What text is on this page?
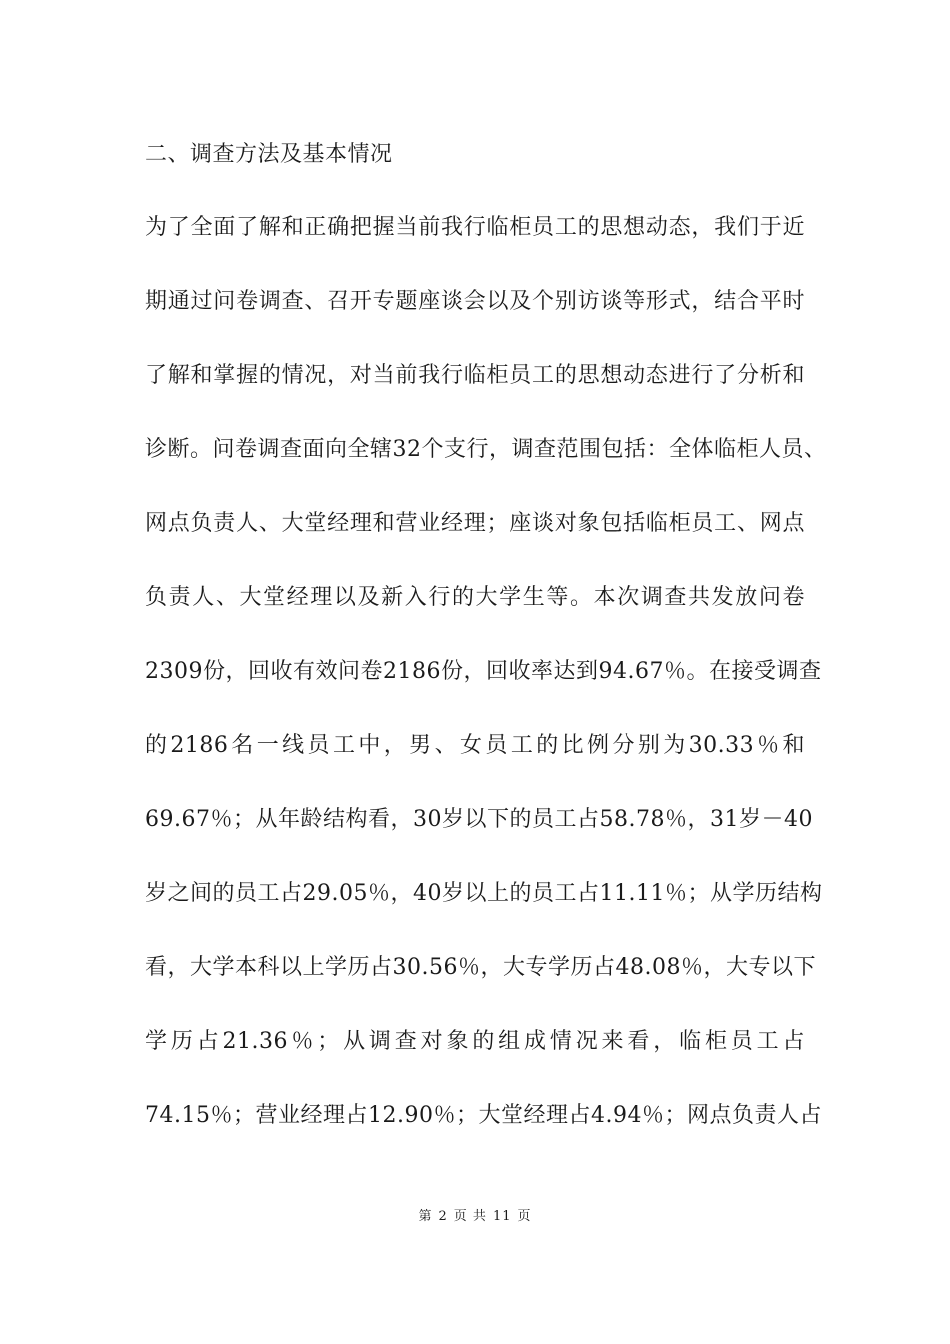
二、调查方法及基本情况
为了全面了解和正确把握当前我行临柜员工的思想动态，我们于近
期通过问卷调查、召开专题座谈会以及个别访谈等形式，结合平时
了解和掌握的情况，对当前我行临柜员工的思想动态进行了分析和
诊断。问卷调查面向全辖32个支行，调查范围包括：全体临柜人员、
网点负责人、大堂经理和营业经理；座谈对象包括临柜员工、网点
负责人、大堂经理以及新入行的大学生等。本次调查共发放问卷
2309份，回收有效问卷2186份，回收率达到94.67％。在接受调查
的2186名一线员工中，男、女员工的比例分别为30.33％和
69.67％；从年龄结构看，30岁以下的员工占58.78％，31岁－40
岁之间的员工占29.05％，40岁以上的员工占11.11％；从学历结构
看，大学本科以上学历占30.56％，大专学历占48.08％，大专以下
学历占21.36％；从调查对象的组成情况来看，临柜员工占
74.15％；营业经理占12.90％；大堂经理占4.94％；网点负责人占
第 2 页 共 11 页
